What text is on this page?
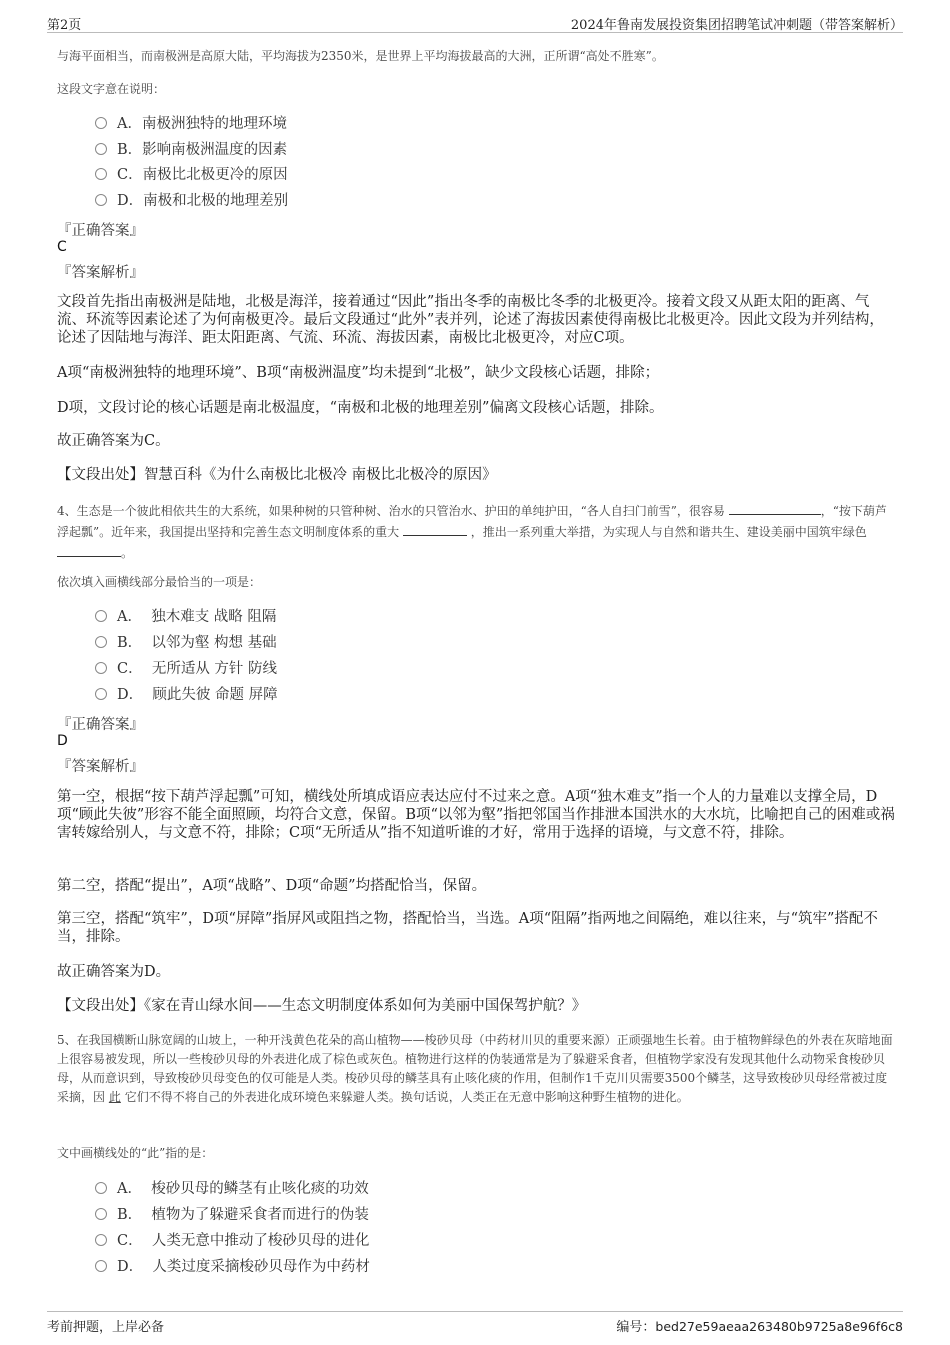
第2页	2024年鲁南发展投资集团招聘笔试冲刺题（带答案解析）
与海平面相当，而南极洲是高原大陆，平均海拔为2350米，是世界上平均海拔最高的大洲，正所谓“高处不胜寒”。
这段文字意在说明：
A．南极洲独特的地理环境
B．影响南极洲温度的因素
C．南极比北极更冷的原因
D．南极和北极的地理差别
『正确答案』
C
『答案解析』
文段首先指出南极洲是陆地，北极是海洋，接着通过“因此”指出冬季的南极比冬季的北极更冷。接着文段又从距太阳的距离、气流、环流等因素论述了为何南极更冷。最后文段通过“此外”表并列，论述了海拔因素使得南极比北极更冷。因此文段为并列结构，论述了因陆地与海洋、距太阳距离、气流、环流、海拔因素，南极比北极更冷，对应C项。
A项“南极洲独特的地理环境”、B项“南极洲温度”均未提到“北极”，缺少文段核心话题，排除；
D项，文段讨论的核心话题是南北极温度，“南极和北极的地理差别”偏离文段核心话题，排除。
故正确答案为C。
【文段出处】智慧百科《为什么南极比北极冷 南极比北极冷的原因》
4、生态是一个彼此相依共生的大系统，如果种树的只管种树、治水的只管治水、护田的单纯护田，“各人自扫门前雪”，很容易	，“按下葫芦浮起瓢”。近年来，我国提出坚持和完善生态文明制度体系的重大	，推出一系列重大举措，为实现人与自然和谐共生、建设美丽中国筑牢绿色 。
依次填入画横线部分最恰当的一项是：
A． 独木难支 战略 阻隔
B． 以邻为壑 构想 基础
C． 无所适从 方针 防线
D． 顾此失彼 命题 屏障
『正确答案』
D
『答案解析』
第一空，根据“按下葫芦浮起瓢”可知，横线处所填成语应表达应付不过来之意。A项“独木难支”指一个人的力量难以支撑全局，D项“顾此失彼”形容不能全面照顾，均符合文意，保留。B项“以邻为壑”指把邻国当作排泄本国洪水的大水坑，比喻把自己的困难或祸害转嫁给别人，与文意不符，排除；C项“无所适从”指不知道听谁的才好，常用于选择的语境，与文意不符，排除。
第二空，搭配“提出”，A项“战略”、D项“命题”均搭配恰当，保留。
第三空，搭配“筑牢”，D项“屏障”指屏风或阻挡之物，搭配恰当，当选。A项“阻隔”指两地之间隔绝，难以往来，与“筑牢”搭配不当，排除。
故正确答案为D。
【文段出处】《家在青山绿水间——生态文明制度体系如何为美丽中国保驾护航？》
5、在我国横断山脉宽阔的山坡上，一种开浅黄色花朵的高山植物——梭砂贝母（中药材川贝的重要来源）正顽强地生长着。由于植物鲜绿色的外表在灰暗地面上很容易被发现，所以一些梭砂贝母的外表进化成了棕色或灰色。植物进行这样的伪装通常是为了躲避采食者，但植物学家没有发现其他什么动物采食梭砂贝母，从而意识到，导致梭砂贝母变色的仅可能是人类。梭砂贝母的鳞茎具有止咳化痰的作用，但制作1千克川贝需要3500个鳞茎，这导致梭砂贝母经常被过度采摘，因 此 它们不得不将自己的外表进化成环境色来躲避人类。换句话说，人类正在无意中影响这种野生植物的进化。
文中画横线处的“此”指的是：
A． 梭砂贝母的鳞茎有止咳化痰的功效
B． 植物为了躲避采食者而进行的伪装
C． 人类无意中推动了梭砂贝母的进化
D． 人类过度采摘梭砂贝母作为中药材
考前押题，上岸必备	编号：bed27e59aeaa263480b9725a8e96f6c8
